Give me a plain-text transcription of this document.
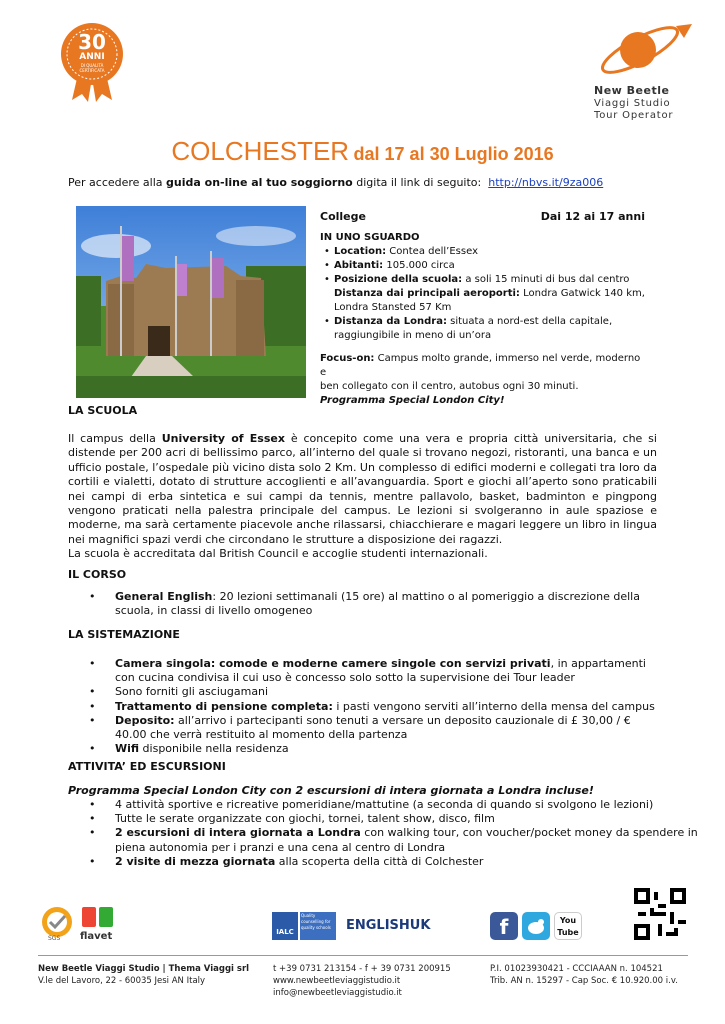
30
ANNI
DI QUALITÀ
CERTIFICATA
New Beetle
Viaggi Studio
Tour Operator
COLCHESTER dal 17 al 30 Luglio 2016
Per accedere alla guida on-line al tuo soggiorno digita il link di seguito: http://nbvs.it/9za006
College	Dai 12 ai 17 anni
IN UNO SGUARDO
• Location: Contea dell’Essex
• Abitanti: 105.000 circa
• Posizione della scuola: a soli 15 minuti di bus dal centro
Distanza dai principali aeroporti: Londra Gatwick 140 km,
Londra Stansted 57 Km
• Distanza da Londra: situata a nord-est della capitale,
raggiungibile in meno di un’ora
Focus-on: Campus molto grande, immerso nel verde, moderno e
ben collegato con il centro, autobus ogni 30 minuti.
Programma Special London City!
LA SCUOLA
Il campus della University of Essex è concepito come una vera e propria città universitaria, che si distende per 200 acri di bellissimo parco, all’interno del quale si trovano negozi, ristoranti, una banca e un ufficio postale, l’ospedale più vicino dista solo 2 Km. Un complesso di edifici moderni e collegati tra loro da cortili e vialetti, dotato di strutture accoglienti e all’avanguardia. Sport e giochi all’aperto sono praticabili nei campi di erba sintetica e sui campi da tennis, mentre pallavolo, basket, badminton e pingpong vengono praticati nella palestra principale del campus. Le lezioni si svolgeranno in aule spaziose e moderne, ma sarà certamente piacevole anche rilassarsi, chiacchierare e magari leggere un libro in lingua nei magnifici spazi verdi che circondano le strutture a disposizione dei ragazzi.

La scuola è accreditata dal British Council e accoglie studenti internazionali.
IL CORSO
• General English: 20 lezioni settimanali (15 ore) al mattino o al pomeriggio a discrezione della scuola, in classi di livello omogeneo
LA SISTEMAZIONE
• Camera singola: comode e moderne camere singole con servizi privati, in appartamenti con cucina condivisa il cui uso è concesso solo sotto la supervisione dei Tour leader
• Sono forniti gli asciugamani
• Trattamento di pensione completa: i pasti vengono serviti all’interno della mensa del campus
• Deposito: all’arrivo i partecipanti sono tenuti a versare un deposito cauzionale di £ 30,00 / € 40.00 che verrà restituito al momento della partenza
• Wifi disponibile nella residenza
ATTIVITA’ ED ESCURSIONI
Programma Special London City con 2 escursioni di intera giornata a Londra incluse!
• 4 attività sportive e ricreative pomeridiane/mattutine (a seconda di quando si svolgono le lezioni)
• Tutte le serate organizzate con giochi, tornei, talent show, disco, film
• 2 escursioni di intera giornata a Londra con walking tour, con voucher/pocket money da spendere in piena autonomia per i pranzi e una cena al centro di Londra
• 2 visite di mezza giornata alla scoperta della città di Colchester
SGS flavet	IALC
Quality counselling for quality schools	ENGLISHUK	f	You Tube
New Beetle Viaggi Studio | Thema Viaggi srl
V.le del Lavoro, 22 - 60035 Jesi AN Italy
t +39 0731 213154 - f + 39 0731 200915
www.newbeetleviaggistudio.it
info@newbeetleviaggistudio.it
P.I. 01023930421 - CCCIAAAN n. 104521
Trib. AN n. 15297 - Cap Soc. € 10.920.00 i.v.
